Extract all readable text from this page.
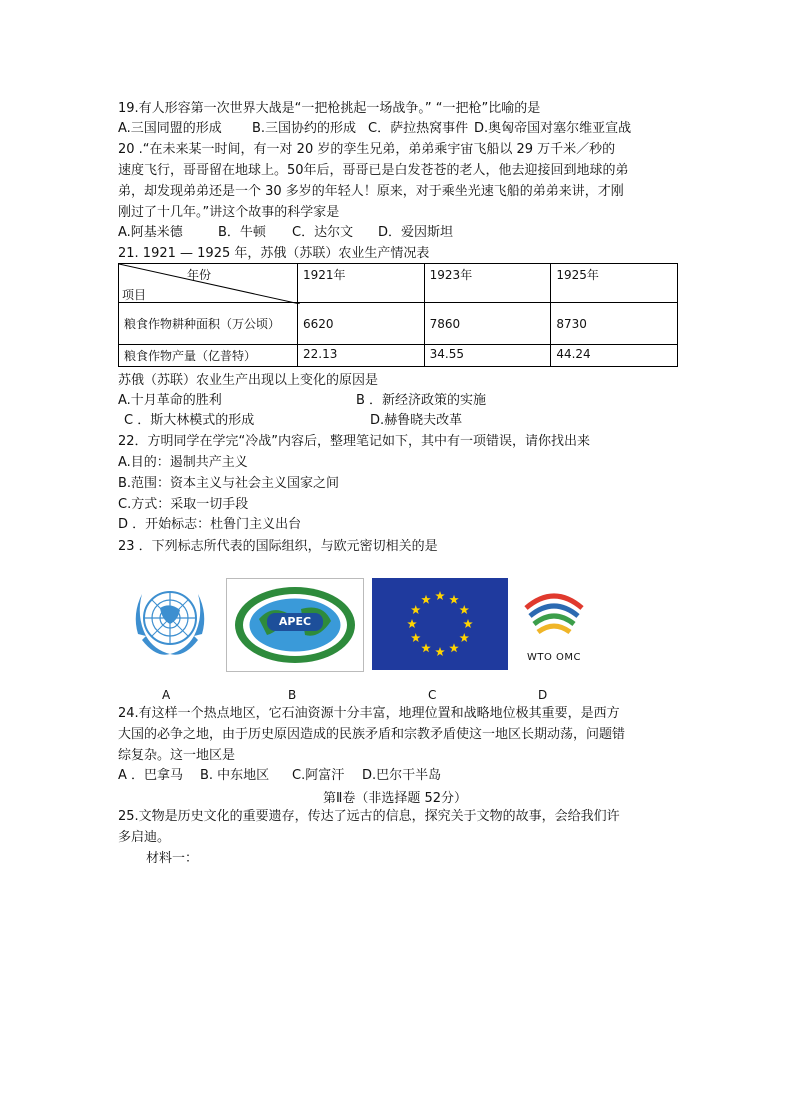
19.有人形容第一次世界大战是“一把枪挑起一场战争。” “一把枪”比喻的是
A.三国同盟的形成 B.三国协约的形成 C．萨拉热窝事件 D.奥匈帝国对塞尔维亚宣战
20 .“在未来某一时间，有一对 20 岁的孪生兄弟，弟弟乘宇宙飞船以 29 万千米／秒的
速度飞行，哥哥留在地球上。50年后，哥哥已是白发苍苍的老人，他去迎接回到地球的弟
弟，却发现弟弟还是一个 30 多岁的年轻人！原来，对于乘坐光速飞船的弟弟来讲，才刚
刚过了十几年。”讲这个故事的科学家是
A.阿基米德	B．牛顿 C．达尔文 D．爱因斯坦
21. 1921 — 1925 年，苏俄（苏联）农业生产情况表
年份
项目	1921年	1923年	1925年
粮食作物耕种面积（万公顷）	6620	7860	8730
粮食作物产量（亿普特）	22.13	34.55	44.24
苏俄（苏联）农业生产出现以上变化的原因是
A.十月革命的胜利	B ．新经济政策的实施
C ．斯大林模式的形成	D.赫鲁晓夫改革
22．方明同学在学完“冷战”内容后，整理笔记如下，其中有一项错误，请你找出来
A.目的：遏制共产主义
B.范围：资本主义与社会主义国家之间
C.方式：采取一切手段
D ．开始标志：杜鲁门主义出台
23 ．下列标志所代表的国际组织，与欧元密切相关的是
APEC
WTO OMC
A	B	C	D
24.有这样一个热点地区，它石油资源十分丰富，地理位置和战略地位极其重要，是西方
大国的必争之地，由于历史原因造成的民族矛盾和宗教矛盾使这一地区长期动荡，问题错
综复杂。这一地区是
A ．巴拿马 B. 中东地区 C.阿富汗 D.巴尔干半岛
第Ⅱ卷（非选择题 52分）
25.文物是历史文化的重要遗存，传达了远古的信息，探究关于文物的故事，会给我们许
多启迪。
材料一：
